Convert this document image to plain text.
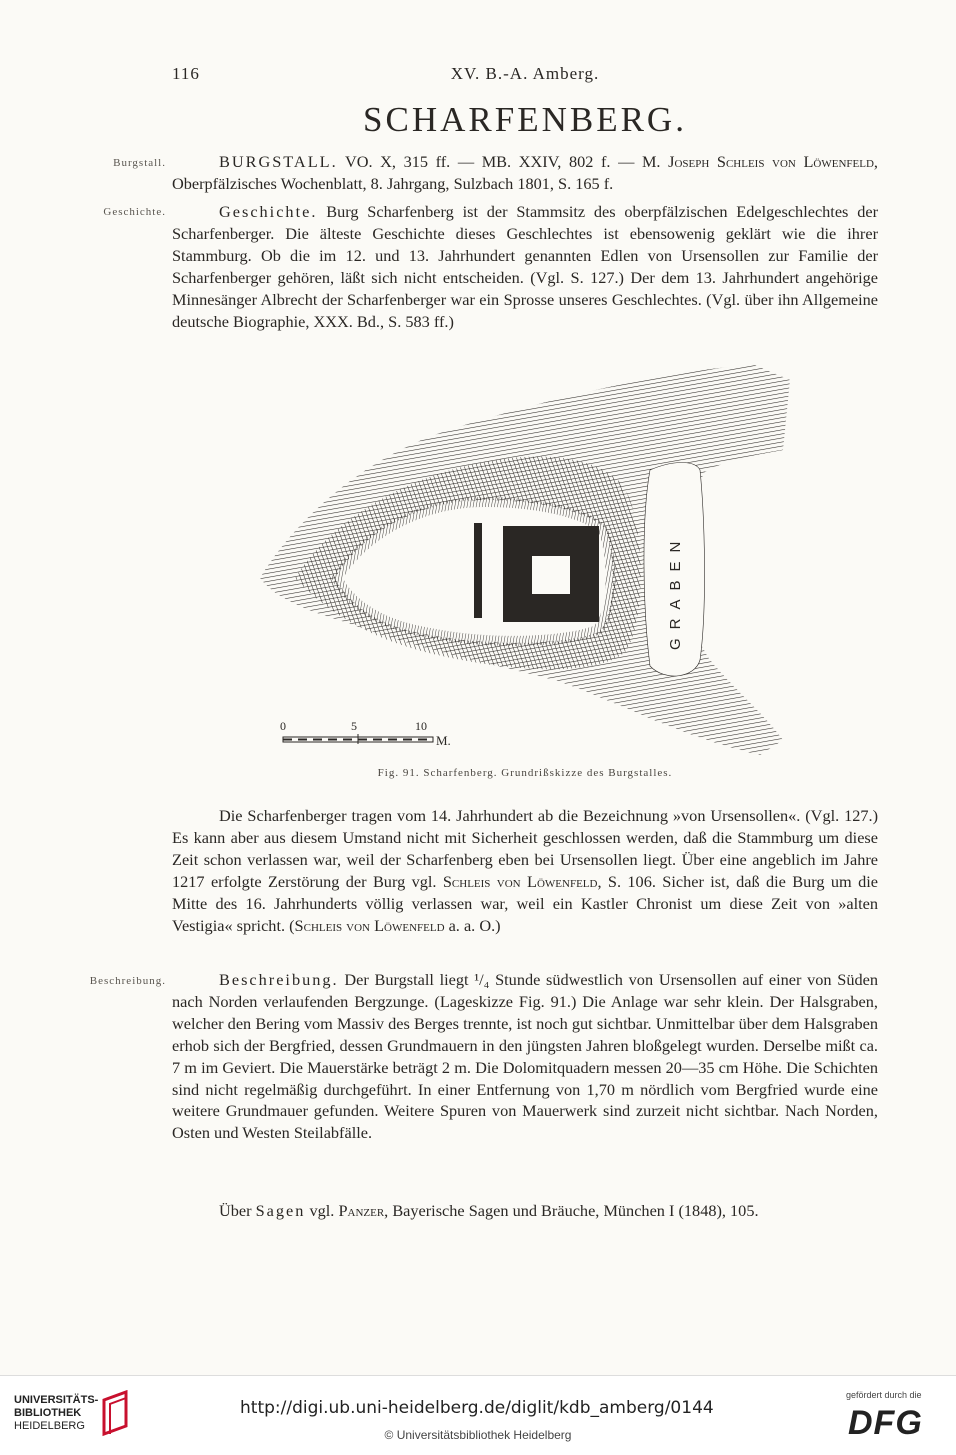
116	XV. B.-A. Amberg.
SCHARFENBERG.
Burgstall.	BURGSTALL. VO. X, 315 ff. — MB. XXIV, 802 f. — M. Joseph Schleis von Löwenfeld, Oberpfälzisches Wochenblatt, 8. Jahrgang, Sulzbach 1801, S. 165 f.

Geschichte.	Geschichte. Burg Scharfenberg ist der Stammsitz des oberpfälzischen Edelgeschlechtes der Scharfenberger. Die älteste Geschichte dieses Geschlechtes ist ebensowenig geklärt wie die ihrer Stammburg. Ob die im 12. und 13. Jahrhundert genannten Edlen von Ursensollen zur Familie der Scharfenberger gehören, läßt sich nicht entscheiden. (Vgl. S. 127.) Der dem 13. Jahrhundert angehörige Minnesänger Albrecht der Scharfenberger war ein Sprosse unseres Geschlechtes. (Vgl. über ihn Allgemeine deutsche Biographie, XXX. Bd., S. 583 ff.)

GRABEN
0	5	10
M.
Fig. 91. Scharfenberg. Grundrißskizze des Burgstalles.

Die Scharfenberger tragen vom 14. Jahrhundert ab die Bezeichnung »von Ursensollen«. (Vgl. 127.) Es kann aber aus diesem Umstand nicht mit Sicherheit geschlossen werden, daß die Stammburg um diese Zeit schon verlassen war, weil der Scharfenberg eben bei Ursensollen liegt. Über eine angeblich im Jahre 1217 erfolgte Zerstörung der Burg vgl. Schleis von Löwenfeld, S. 106. Sicher ist, daß die Burg um die Mitte des 16. Jahrhunderts völlig verlassen war, weil ein Kastler Chronist um diese Zeit von »alten Vestigia« spricht. (Schleis von Löwenfeld a. a. O.)

Beschreibung.	Beschreibung. Der Burgstall liegt ¹/₄ Stunde südwestlich von Ursensollen auf einer von Süden nach Norden verlaufenden Bergzunge. (Lageskizze Fig. 91.) Die Anlage war sehr klein. Der Halsgraben, welcher den Bering vom Massiv des Berges trennte, ist noch gut sichtbar. Unmittelbar über dem Halsgraben erhob sich der Bergfried, dessen Grundmauern in den jüngsten Jahren bloßgelegt wurden. Derselbe mißt ca. 7 m im Geviert. Die Mauerstärke beträgt 2 m. Die Dolomitquadern messen 20—35 cm Höhe. Die Schichten sind nicht regelmäßig durchgeführt. In einer Entfernung von 1,70 m nördlich vom Bergfried wurde eine weitere Grundmauer gefunden. Weitere Spuren von Mauerwerk sind zurzeit nicht sichtbar. Nach Norden, Osten und Westen Steilabfälle.

Über Sagen vgl. Panzer, Bayerische Sagen und Bräuche, München I (1848), 105.

UNIVERSITÄTS-
BIBLIOTHEK
HEIDELBERG
http://digi.ub.uni-heidelberg.de/diglit/kdb_amberg/0144
© Universitätsbibliothek Heidelberg
gefördert durch die
DFG
